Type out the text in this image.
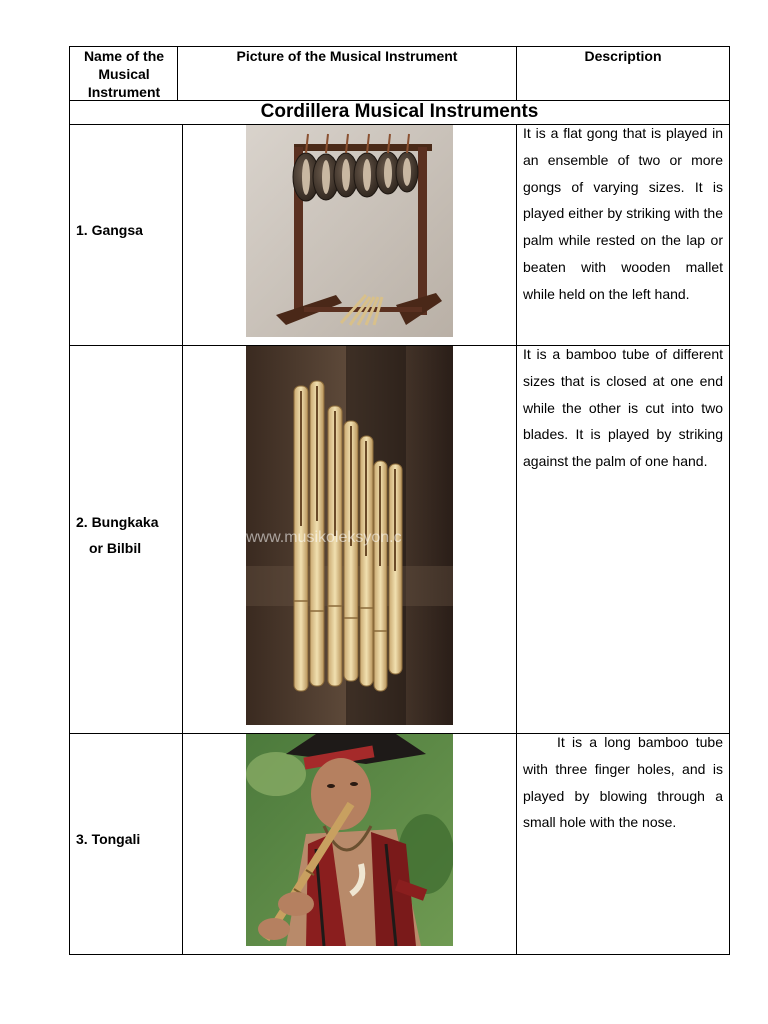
Name of the Musical Instrument
Picture of the Musical Instrument	Description
Cordillera Musical Instruments
1. Gangsa
It is a flat gong that is played in an ensemble of two or more gongs of varying sizes. It is played either by striking with the palm while rested on the lap or beaten with wooden mallet while held on the left hand.
2. Bungkaka
or Bilbil
www.musikoleksyon.c
It is a bamboo tube of different sizes that is closed at one end while the other is cut into two blades. It is played by striking against the palm of one hand.
3. Tongali
It is a long bamboo tube with three finger holes, and is played by blowing through a small hole with the nose.
